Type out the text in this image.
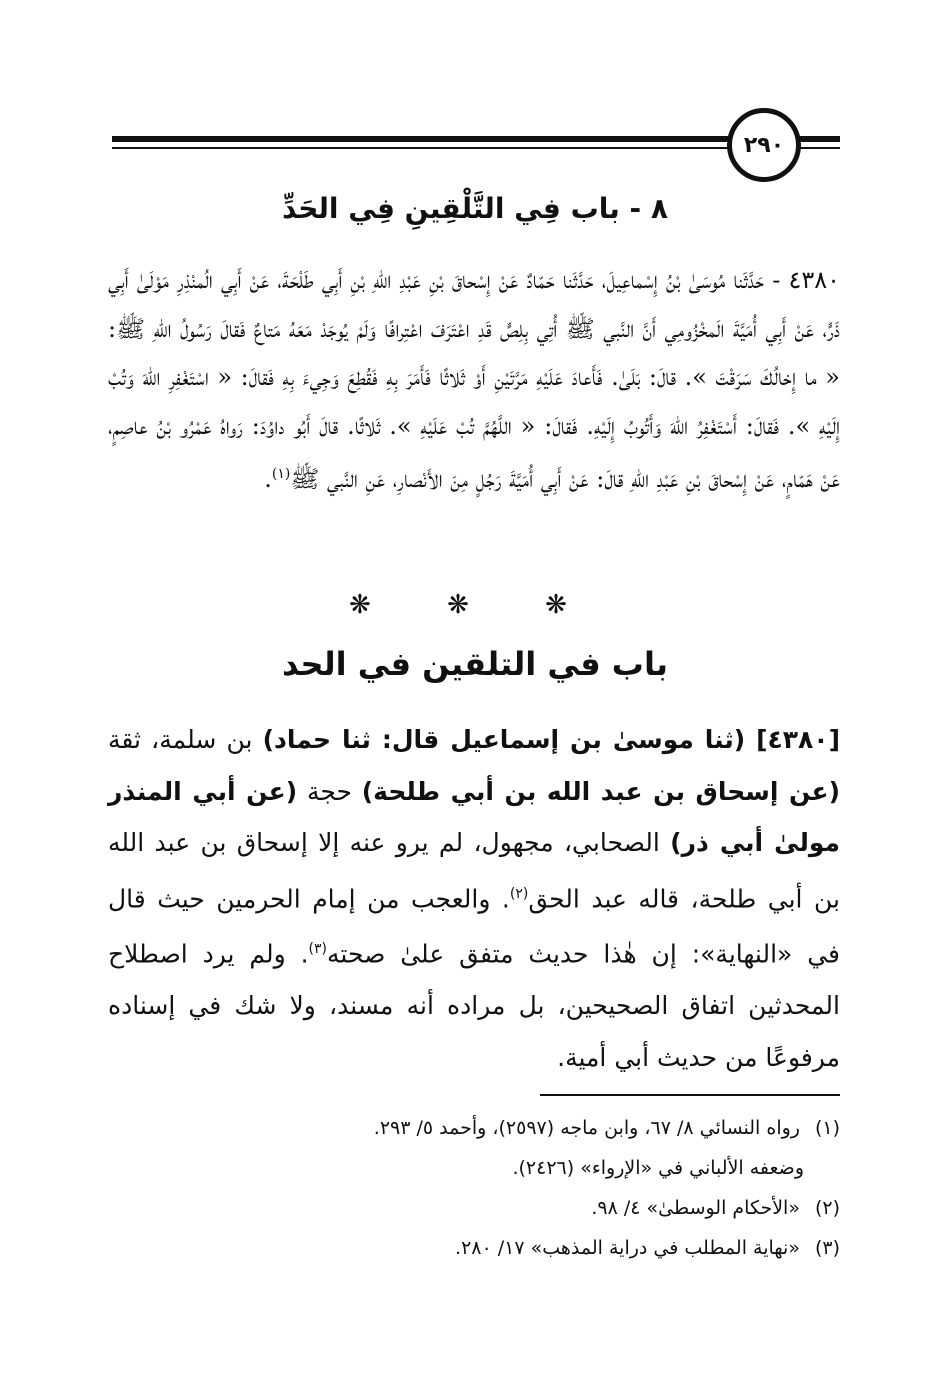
٢٩٠
٨ - باب فِي التَّلْقِينِ فِي الحَدِّ
٤٣٨٠ - حَدَّثَنا مُوسَىٰ بْنُ إِسْماعِيلَ، حَدَّثَنا حَمّادٌ عَنْ إِسْحاقَ بْنِ عَبْدِ اللهِ بْنِ أَبِي طَلْحَةَ، عَنْ أَبِي الُمنْذِرِ مَوْلَىٰ أَبِي ذَرٍّ، عَنْ أَبِي أُمَيَّةَ الَمخْزُومِي أَنَّ النَّبي ﷺ أُتِي بِلِصٍّ قَدِ اعْتَرَفَ اعْتِرافًا وَلَمْ يُوجَدْ مَعَهُ مَتاعٌ فَقالَ رَسُولُ اللهِ ﷺ: « ما إِخالُكَ سَرَقْتَ ». قالَ: بَلَىٰ. فَأَعادَ عَلَيْهِ مَرَّتَيْنِ أَوْ ثَلاثًا فَأَمَرَ بِهِ فَقُطِعَ وَجِيءَ بِهِ فَقالَ: « اسْتَغْفِرِ اللهَ وَتُبْ إِلَيْهِ ». فَقالَ: أَسْتَغْفِرُ اللهَ وَأَتُوبُ إِلَيْهِ. فَقالَ: « اللَّهُمَّ تُبْ عَلَيْهِ ». ثَلاثًا. قالَ أَبُو داوُدَ: رَواهُ عَمْرُو بْنُ عاصِمٍ، عَنْ هَمّامٍ، عَنْ إِسْحاقَ بْنِ عَبْدِ اللهِ قالَ: عَنْ أَبِي أُمَيَّةَ رَجُلٍ مِنَ الأَنْصارِ، عَنِ النَّبي ﷺ$^{(١)}$.
❋ ❋ ❋
باب في التلقين في الحد
[٤٣٨٠] (ثنا موسىٰ بن إسماعيل قال: ثنا حماد) بن سلمة، ثقة (عن إسحاق بن عبد الله بن أبي طلحة) حجة (عن أبي المنذر مولىٰ أبي ذر) الصحابي، مجهول، لم يرو عنه إلا إسحاق بن عبد الله بن أبي طلحة، قاله عبد الحق$^{(٢)}$. والعجب من إمام الحرمين حيث قال في «النهاية»: إن هٰذا حديث متفق علىٰ صحته$^{(٣)}$. ولم يرد اصطلاح المحدثين اتفاق الصحيحين، بل مراده أنه مسند، ولا شك في إسناده مرفوعًا من حديث أبي أمية.
(١) رواه النسائي ٨/ ٦٧، وابن ماجه (٢٥٩٧)، وأحمد ٥/ ٢٩٣.
وضعفه الألباني في «الإرواء» (٢٤٢٦).
(٢) «الأحكام الوسطىٰ» ٤/ ٩٨.
(٣) «نهاية المطلب في دراية المذهب» ١٧/ ٢٨٠.
